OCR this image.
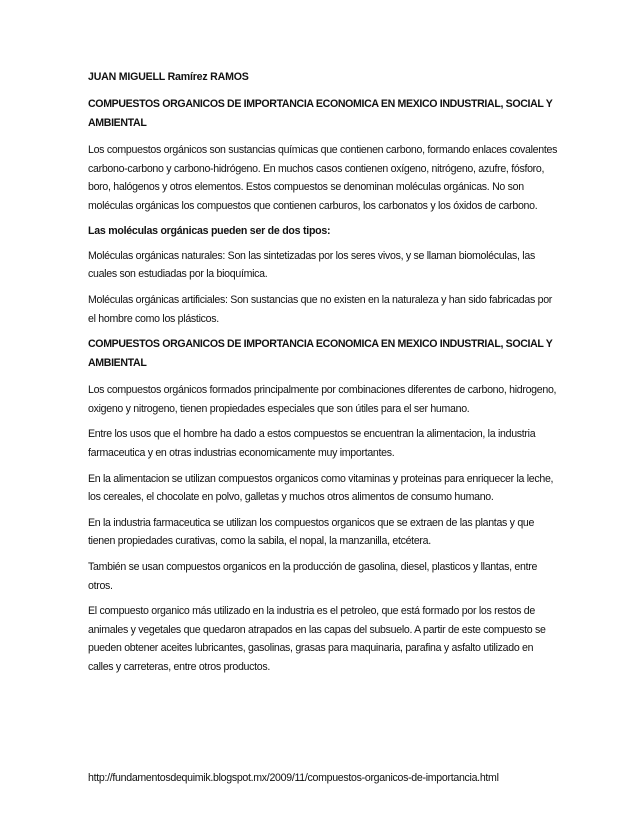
JUAN MIGUELL Ramírez RAMOS
COMPUESTOS ORGANICOS DE IMPORTANCIA ECONOMICA EN MEXICO INDUSTRIAL, SOCIAL Y AMBIENTAL

Los compuestos orgánicos son sustancias químicas que contienen carbono, formando enlaces covalentes carbono-carbono y carbono-hidrógeno. En muchos casos contienen oxígeno, nitrógeno, azufre, fósforo, boro, halógenos y otros elementos. Estos compuestos se denominan moléculas orgánicas. No son moléculas orgánicas los compuestos que contienen carburos, los carbonatos y los óxidos de carbono.

Las moléculas orgánicas pueden ser de dos tipos:

Moléculas orgánicas naturales: Son las sintetizadas por los seres vivos, y se llaman biomoléculas, las cuales son estudiadas por la bioquímica.

Moléculas orgánicas artificiales: Son sustancias que no existen en la naturaleza y han sido fabricadas por el hombre como los plásticos.

COMPUESTOS ORGANICOS DE IMPORTANCIA ECONOMICA EN MEXICO INDUSTRIAL, SOCIAL Y AMBIENTAL

Los compuestos orgánicos formados principalmente por combinaciones diferentes de carbono, hidrogeno, oxigeno y nitrogeno, tienen propiedades especiales que son útiles para el ser humano.

Entre los usos que el hombre ha dado a estos compuestos se encuentran la alimentacion, la industria farmaceutica y en otras industrias economicamente muy importantes.

En la alimentacion se utilizan compuestos organicos como vitaminas y proteinas para enriquecer la leche, los cereales, el chocolate en polvo, galletas y muchos otros alimentos de consumo humano.

En la industria farmaceutica se utilizan los compuestos organicos que se extraen de las plantas y que tienen propiedades curativas, como la sabila, el nopal, la manzanilla, etcétera.

También se usan compuestos organicos en la producción de gasolina, diesel, plasticos y llantas, entre otros.

El compuesto organico más utilizado en la industria es el petroleo, que está formado por los restos de animales y vegetales que quedaron atrapados en las capas del subsuelo. A partir de este compuesto se pueden obtener aceites lubricantes, gasolinas, grasas para maquinaria, parafina y asfalto utilizado en calles y carreteras, entre otros productos.

http://fundamentosdequimik.blogspot.mx/2009/11/compuestos-organicos-de-importancia.html
